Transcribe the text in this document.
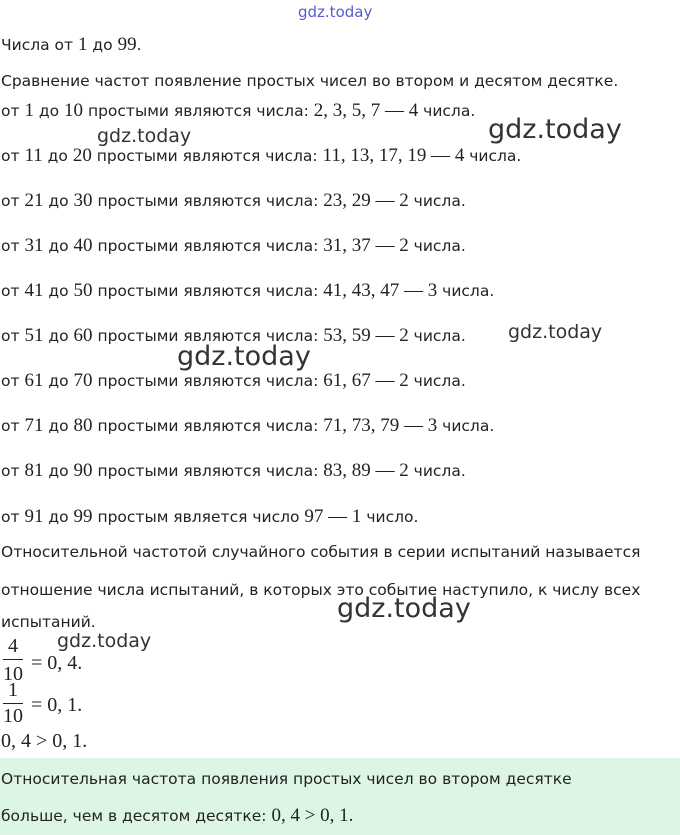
gdz.today
gdz.today	gdz.today
gdz.today
gdz.today
gdz.today
gdz.today
Числа от 1 до 99.
Сравнение частот появление простых чисел во втором и десятом десятке.
от 1 до 10 простыми являются числа: 2, 3, 5, 7 — 4 числа.
от 11 до 20 простыми являются числа: 11, 13, 17, 19 — 4 числа.
от 21 до 30 простыми являются числа: 23, 29 — 2 числа.
от 31 до 40 простыми являются числа: 31, 37 — 2 числа.
от 41 до 50 простыми являются числа: 41, 43, 47 — 3 числа.
от 51 до 60 простыми являются числа: 53, 59 — 2 числа.
от 61 до 70 простыми являются числа: 61, 67 — 2 числа.
от 71 до 80 простыми являются числа: 71, 73, 79 — 3 числа.
от 81 до 90 простыми являются числа: 83, 89 — 2 числа.
от 91 до 99 простым является число 97 — 1 число.
Относительной частотой случайного события в серии испытаний называется
отношение числа испытаний, в которых это событие наступило, к числу всех
испытаний.
4
10 = 0, 4.
1
10 = 0, 1.
0, 4 > 0, 1.
Относительная частота появления простых чисел во втором десятке
больше, чем в десятом десятке: 0, 4 > 0, 1.
